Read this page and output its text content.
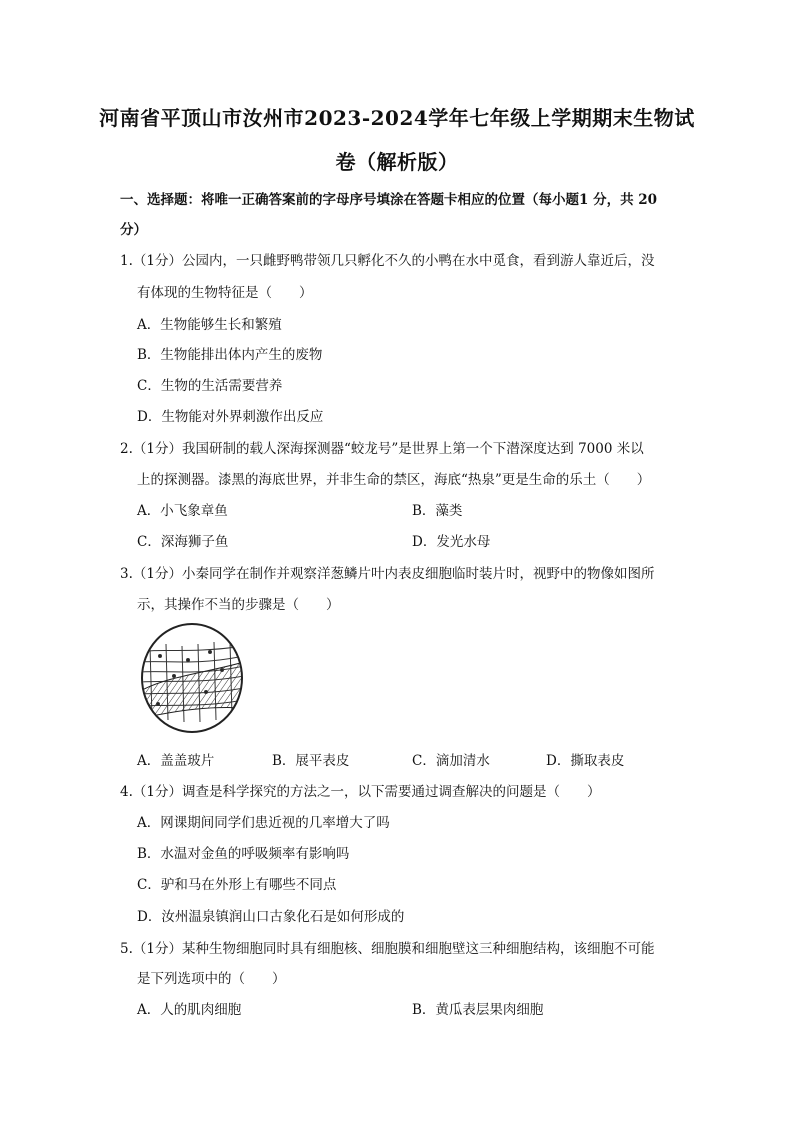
河南省平顶山市汝州市2023-2024学年七年级上学期期末生物试
卷（解析版）
一、选择题：将唯一正确答案前的字母序号填涂在答题卡相应的位置（每小题1 分，共 20
分）
1.（1分）公园内，一只雌野鸭带领几只孵化不久的小鸭在水中觅食，看到游人靠近后，没
有体现的生物特征是（　　）
A．生物能够生长和繁殖
B．生物能排出体内产生的废物
C．生物的生活需要营养
D．生物能对外界刺激作出反应
2.（1分）我国研制的载人深海探测器“蛟龙号”是世界上第一个下潜深度达到 7000 米以
上的探测器。漆黑的海底世界，并非生命的禁区，海底“热泉”更是生命的乐土（　　）
A．小飞象章鱼	B．藻类
C．深海狮子鱼	D．发光水母
3.（1分）小秦同学在制作并观察洋葱鳞片叶内表皮细胞临时装片时，视野中的物像如图所
示，其操作不当的步骤是（　　）
A．盖盖玻片	B．展平表皮	C．滴加清水	D．撕取表皮
4.（1分）调查是科学探究的方法之一，以下需要通过调查解决的问题是（　　）
A．网课期间同学们患近视的几率增大了吗
B．水温对金鱼的呼吸频率有影响吗
C．驴和马在外形上有哪些不同点
D．汝州温泉镇润山口古象化石是如何形成的
5.（1分）某种生物细胞同时具有细胞核、细胞膜和细胞壁这三种细胞结构，该细胞不可能
是下列选项中的（　　）
A．人的肌肉细胞	B．黄瓜表层果肉细胞
